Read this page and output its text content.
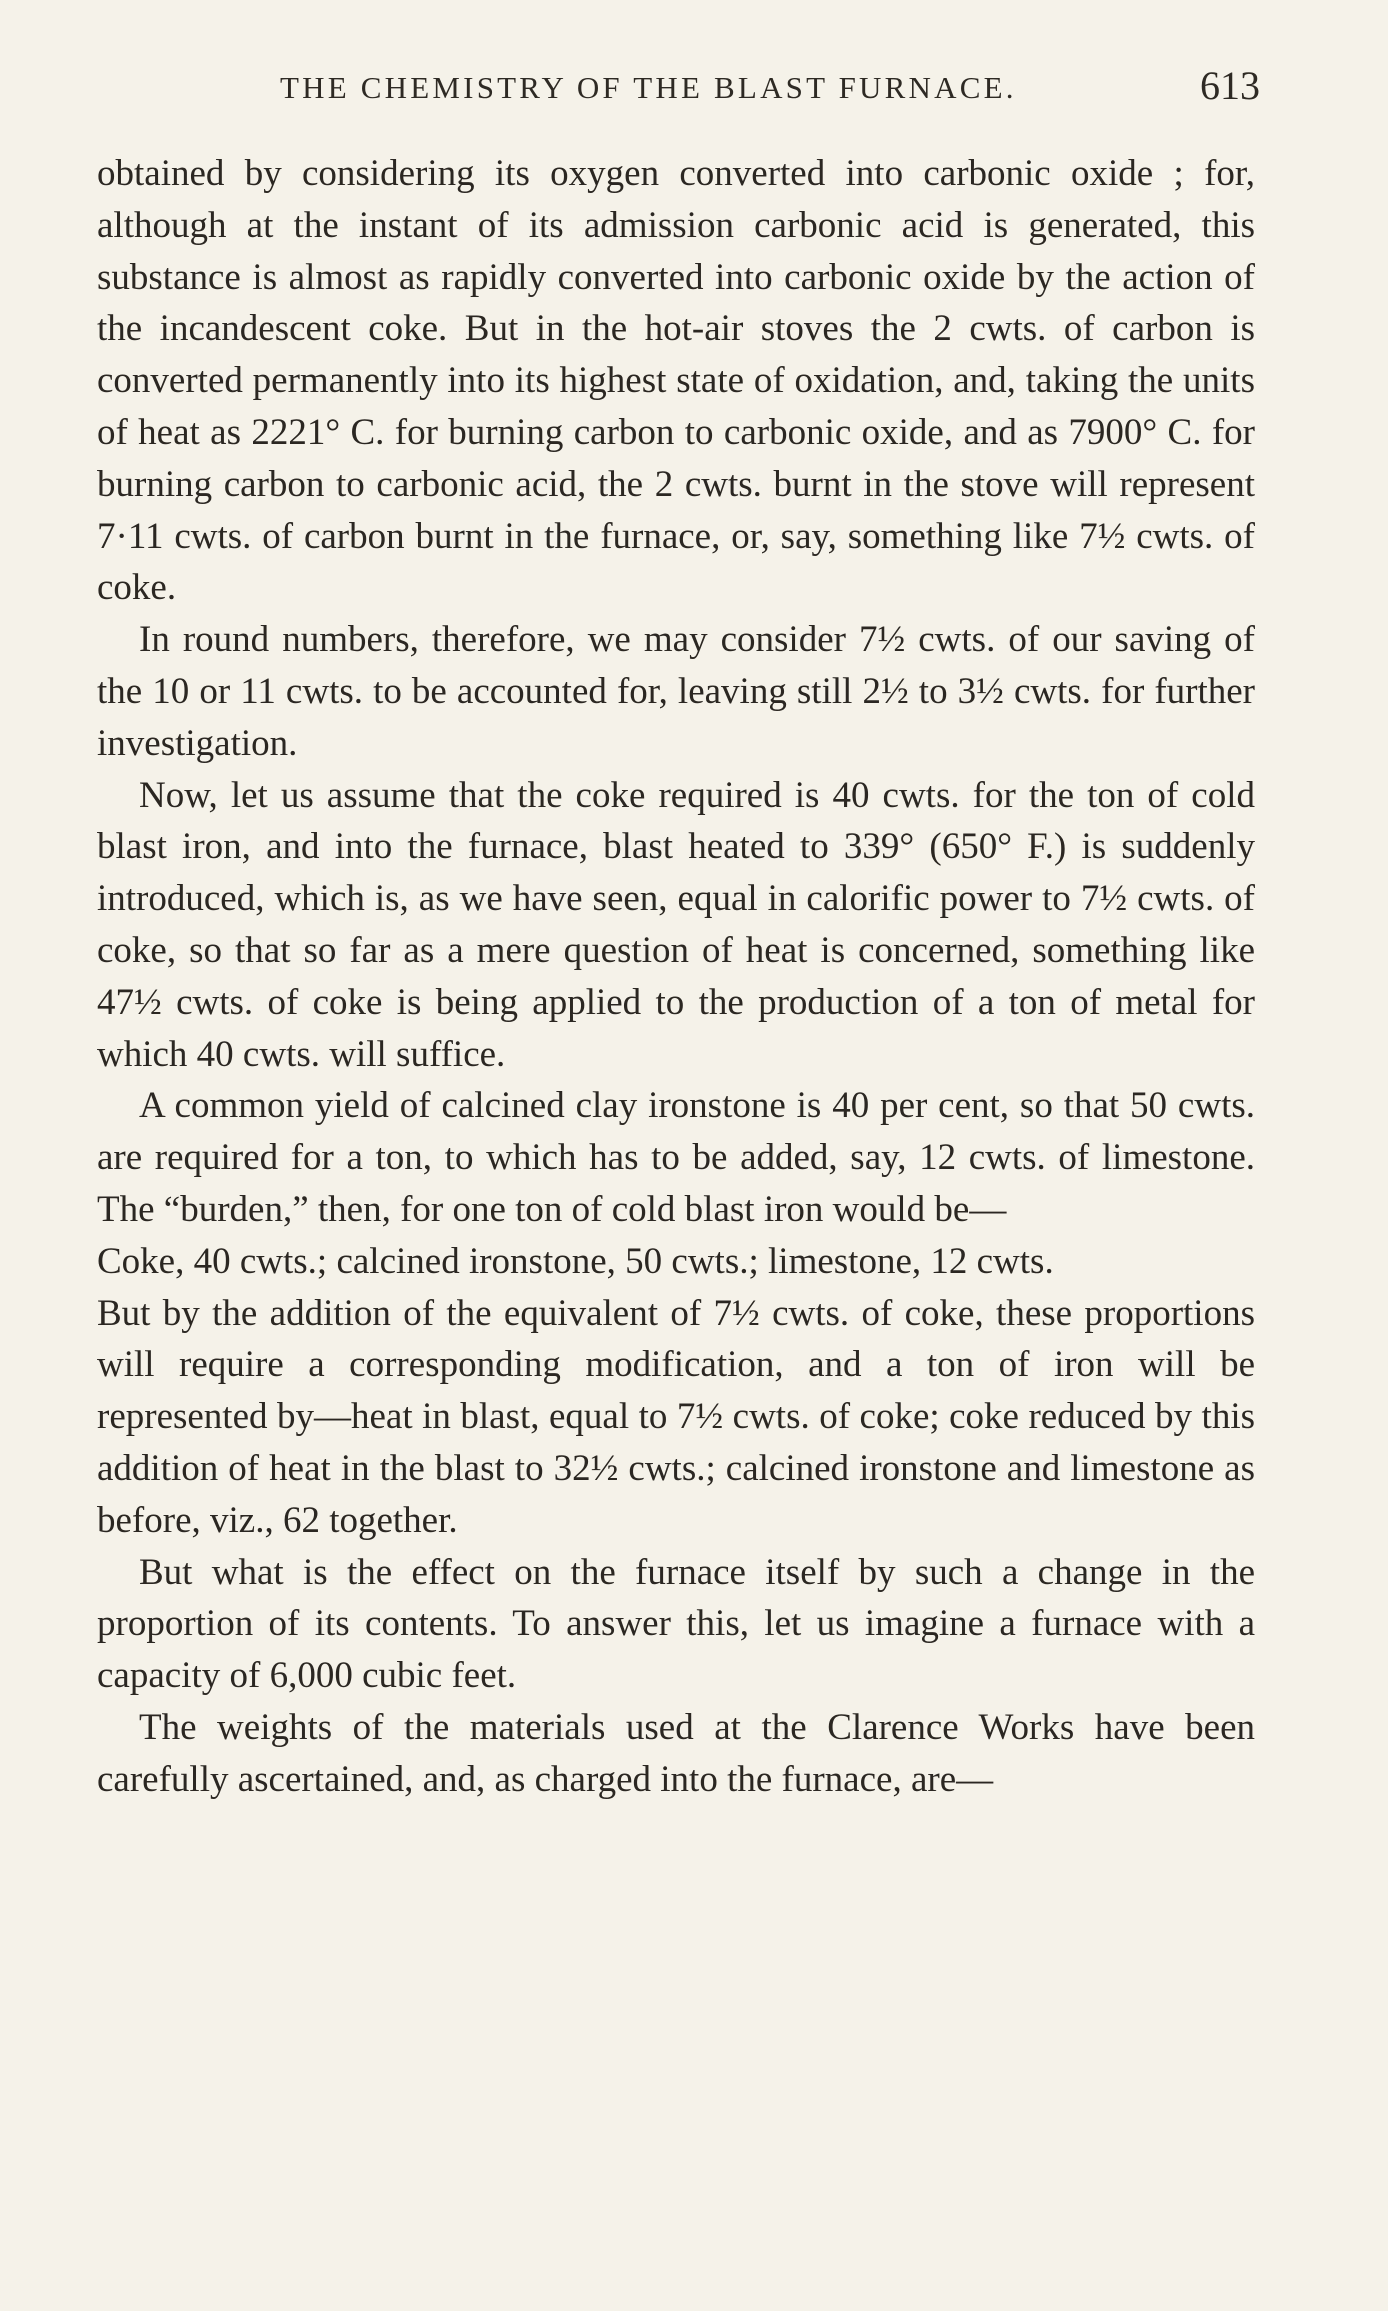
THE CHEMISTRY OF THE BLAST FURNACE.	613

obtained by considering its oxygen converted into carbonic oxide ; for, although at the instant of its admission carbonic acid is generated, this substance is almost as rapidly converted into carbonic oxide by the action of the incandescent coke. But in the hot-air stoves the 2 cwts. of carbon is converted permanently into its highest state of oxidation, and, taking the units of heat as 2221° C. for burning carbon to carbonic oxide, and as 7900° C. for burning carbon to carbonic acid, the 2 cwts. burnt in the stove will represent 7·11 cwts. of carbon burnt in the furnace, or, say, something like 7½ cwts. of coke.

In round numbers, therefore, we may consider 7½ cwts. of our saving of the 10 or 11 cwts. to be accounted for, leaving still 2½ to 3½ cwts. for further investigation.

Now, let us assume that the coke required is 40 cwts. for the ton of cold blast iron, and into the furnace, blast heated to 339° (650° F.) is suddenly introduced, which is, as we have seen, equal in calorific power to 7½ cwts. of coke, so that so far as a mere question of heat is concerned, something like 47½ cwts. of coke is being applied to the production of a ton of metal for which 40 cwts. will suffice.

A common yield of calcined clay ironstone is 40 per cent, so that 50 cwts. are required for a ton, to which has to be added, say, 12 cwts. of limestone. The “burden,” then, for one ton of cold blast iron would be—

Coke, 40 cwts.; calcined ironstone, 50 cwts.; limestone, 12 cwts.

But by the addition of the equivalent of 7½ cwts. of coke, these proportions will require a corresponding modification, and a ton of iron will be represented by—heat in blast, equal to 7½ cwts. of coke; coke reduced by this addition of heat in the blast to 32½ cwts.; calcined ironstone and limestone as before, viz., 62 together.

But what is the effect on the furnace itself by such a change in the proportion of its contents. To answer this, let us imagine a furnace with a capacity of 6,000 cubic feet.

The weights of the materials used at the Clarence Works have been carefully ascertained, and, as charged into the furnace, are—
